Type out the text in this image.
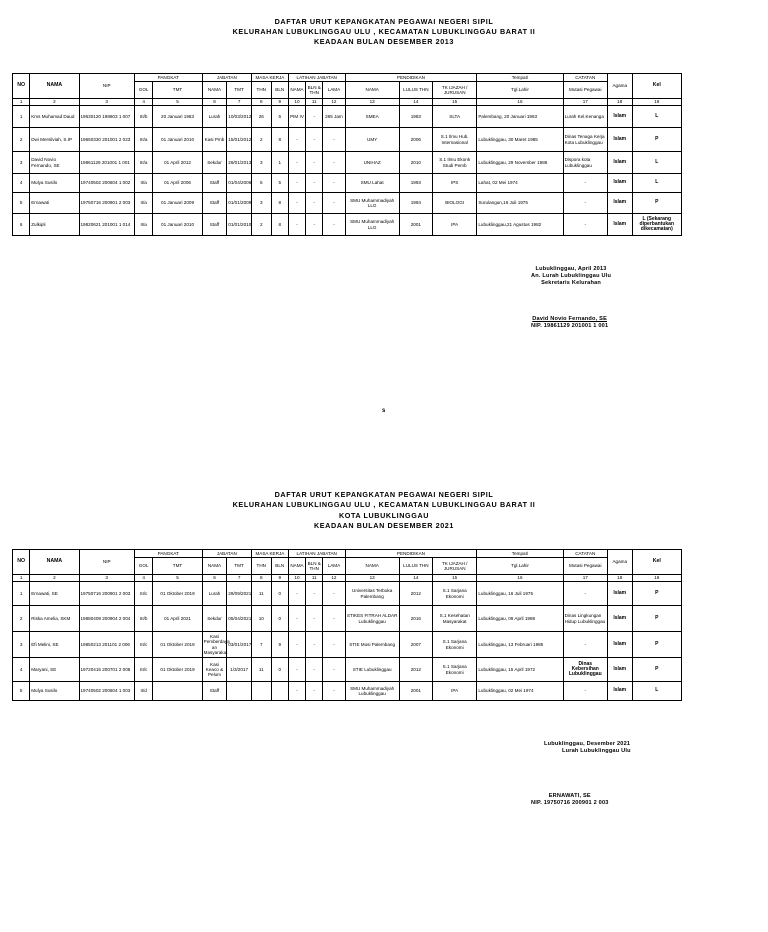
DAFTAR URUT KEPANGKATAN PEGAWAI NEGERI SIPIL
KELURAHAN LUBUKLINGGAU ULU , KECAMATAN LUBUKLINGGAU BARAT II
KEADAAN BULAN DESEMBER 2013
NO	NAMA	NIP	PANGKAT		JABATAN		MASA KERJA		LATIHAN JABATAN			PENDIDIKAN			Tempat/	CATATAN	Agama	Kel
			GOL	TMT	NAMA	TMT	THN	BLN	NAMA	BLN & THN	LAMA	NAMA	LULUS THN	TK IJAZAH / JURUSAN	Tgl.Lahir	Mutasi Pegawai		
1	2	3	4	5	6	7	8	9	10	11	12	13	14	15	16	17	18	19
1	Kms Muhamad Daud	19630120 198603 1 007	III/b	20 Januari 1983	Lurah	10/03/2012	26	6	PIM IV	-	285 Jam	SMEA	1983	SLTA	Palembang, 20 Januari 1963	Lurah Kel.Kenanga	Islam	L
2	Dwi Mersilviah, S.IP	19650330 201001 2 023	III/a	01 Januari 2010	Kasi Pmb	15/01/2012	2	8	-	-	-	UMY	2006	S.1 Ilmu Hub. Internasional	Lubuklinggau, 30 Maret 1985	Dinas Tenaga Kerja Kota Lubuklinggau	Islam	P
3	David Novio Fernando, SE	19861129 201001 1 001	III/a	01 April 2012	Sekdur	26/01/2013	3	1	-	-	-	UNIHAZ	2010	S.1 Ilmu Ekonk Studi Pemb	Lubuklinggau, 29 November 1986	Dispora kota Lubuklinggau	Islam	L
4	Mulya Susilo	19740502 200604 1 002	II/a	01 April 2006	Staff	01/04/2006	6	5	-	-	-	SMU Lahat	1993	IPS	Lahat, 02 Mei 1974	-	Islam	L
5	Ernawati	19750716 200901 2 003	II/a	01 Januari 2009	Staff	01/01/2009	3	8	-	-	-	SMU Muhammadiyah LLG	1994	BIOLOGI	Surulangun,16 Juli 1975	-	Islam	P
6	Zulkipli	19820621 201001 1 014	II/a	01 Januari 2010	Staff	01/01/2010	2	8	-	-	-	SMU Muhammadiyah LLG	2001	IPA	Lubuklinggau,21 Agustus 1982	-	Islam	L (Sekarang diperbantukan dikecamatan)
Lubuklinggau, April 2013
An. Lurah Lubuklinggau Ulu
Sekretaris Kelurahan
David Novio Fernando, SE
NIP. 19861129 201001 1 001
s
DAFTAR URUT KEPANGKATAN PEGAWAI NEGERI SIPIL
KELURAHAN LUBUKLINGGAU ULU , KECAMATAN LUBUKLINGGAU BARAT II
KOTA LUBUKLINGGAU
KEADAAN BULAN DESEMBER 2021
NO	NAMA	NIP	PANGKAT		JABATAN		MASA KERJA		LATIHAN JABATAN			PENDIDIKAN			Tempat/	CATATAN	Agama	Kel
			GOL	TMT	NAMA	TMT	THN	BLN	NAMA	BLN & THN	LAMA	NAMA	LULUS THN	TK IJAZAH / JURUSAN	Tgl.Lahir	Mutasi Pegawai		
1	2	3	4	5	6	7	8	9	10	11	12	13	14	15	16	17	18	19
1	Ernawati, SE	19750716 200901 2 003	III/c	01 Oktober 2019	Lurah	28/09/2021	11	0	-	-	-	Universitas Terbuka Palembang	2012	S.1 Sarjana Ekonomi	Lubuklinggau, 16 Juli 1975	-	Islam	P
2	Riska Amelia, SKM	19880409 200904 2 004	III/b	01 April 2021	Sekdur	05/04/2021	10	0	-	-	-	STIKES FITRAH ALDAR Lubuklinggau	2016	S.1 Kesehatan Masyarakat	Lubuklinggau, 09 April 1988	Dinas Lingkungan Hidup Lubuklinggau	Islam	P
3	Efi Melini, SE	19850213 201101 2 006	III/c	01 Oktober 2018	Kasi Pemberdaya an Masyarakat	03/01/2017	7	9	-	-	-	STIE Musi Palembang	2007	S.1 Sarjana Ekonomi	Lubuklinggau, 13 Februari 1985	-	Islam	P
4	Maryani, SE	19720415 200701 2 008	III/c	01 Oktober 2019	Kasi Keaco & Pelum	1/3/2017	11	0	-	-	-	STIE Lubuklinggau	2012	S.1 Sarjana Ekonomi	Lubuklinggau, 15 April 1972	Dinas Kebersihan Lubuklinggau	Islam	P
5	Mulya Susilo	19740502 200604 1 003	II/d		Staff				-	-	-	SMU Muhammadiyah Lubuklinggau	2001	IPA	Lubuklinggau, 02 Mei 1974	-	Islam	L
Lubuklinggau, Desember 2021
Lurah Lubuklinggau Ulu
ERNAWATI, SE
NIP. 19750716 200901 2 003
